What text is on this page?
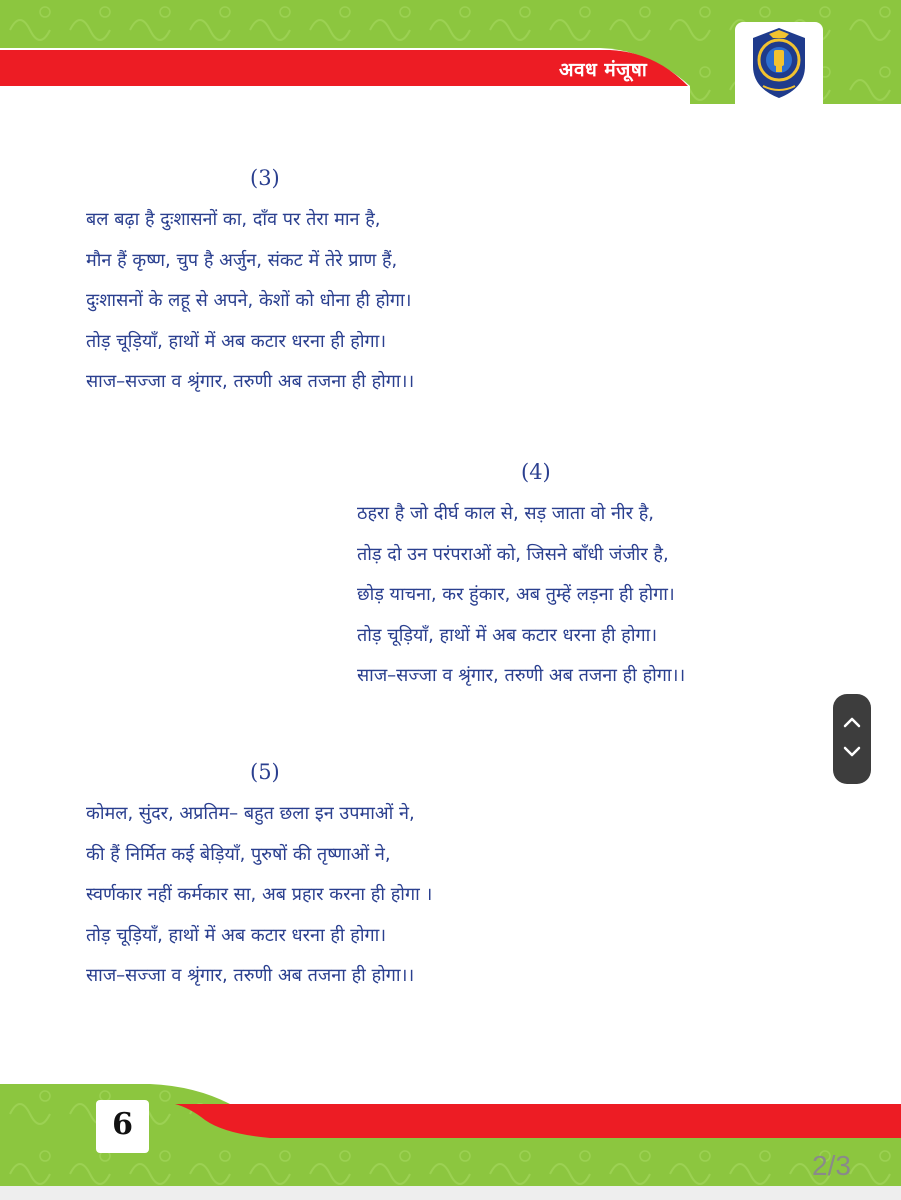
अवध मंजूषा
(3)
बल बढ़ा है दुःशासनों का, दाँव पर तेरा मान है,
मौन हैं कृष्ण, चुप है अर्जुन, संकट में तेरे प्राण हैं,
दुःशासनों के लहू से अपने, केशों को धोना ही होगा।
तोड़ चूड़ियाँ, हाथों में अब कटार धरना ही होगा।
साज–सज्जा व श्रृंगार, तरुणी अब तजना ही होगा।।
(4)
ठहरा है जो दीर्घ काल से, सड़ जाता वो नीर है,
तोड़ दो उन परंपराओं को, जिसने बाँधी जंजीर है,
छोड़ याचना, कर हुंकार, अब तुम्हें लड़ना ही होगा।
तोड़ चूड़ियाँ, हाथों में अब कटार धरना ही होगा।
साज–सज्जा व श्रृंगार, तरुणी अब तजना ही होगा।।
(5)
कोमल, सुंदर, अप्रतिम– बहुत छला इन उपमाओं ने,
की हैं निर्मित कई बेड़ियाँ, पुरुषों की तृष्णाओं ने,
स्वर्णकार नहीं कर्मकार सा, अब प्रहार करना ही होगा ।
तोड़ चूड़ियाँ, हाथों में अब कटार धरना ही होगा।
साज–सज्जा व श्रृंगार, तरुणी अब तजना ही होगा।।
6
2/3
